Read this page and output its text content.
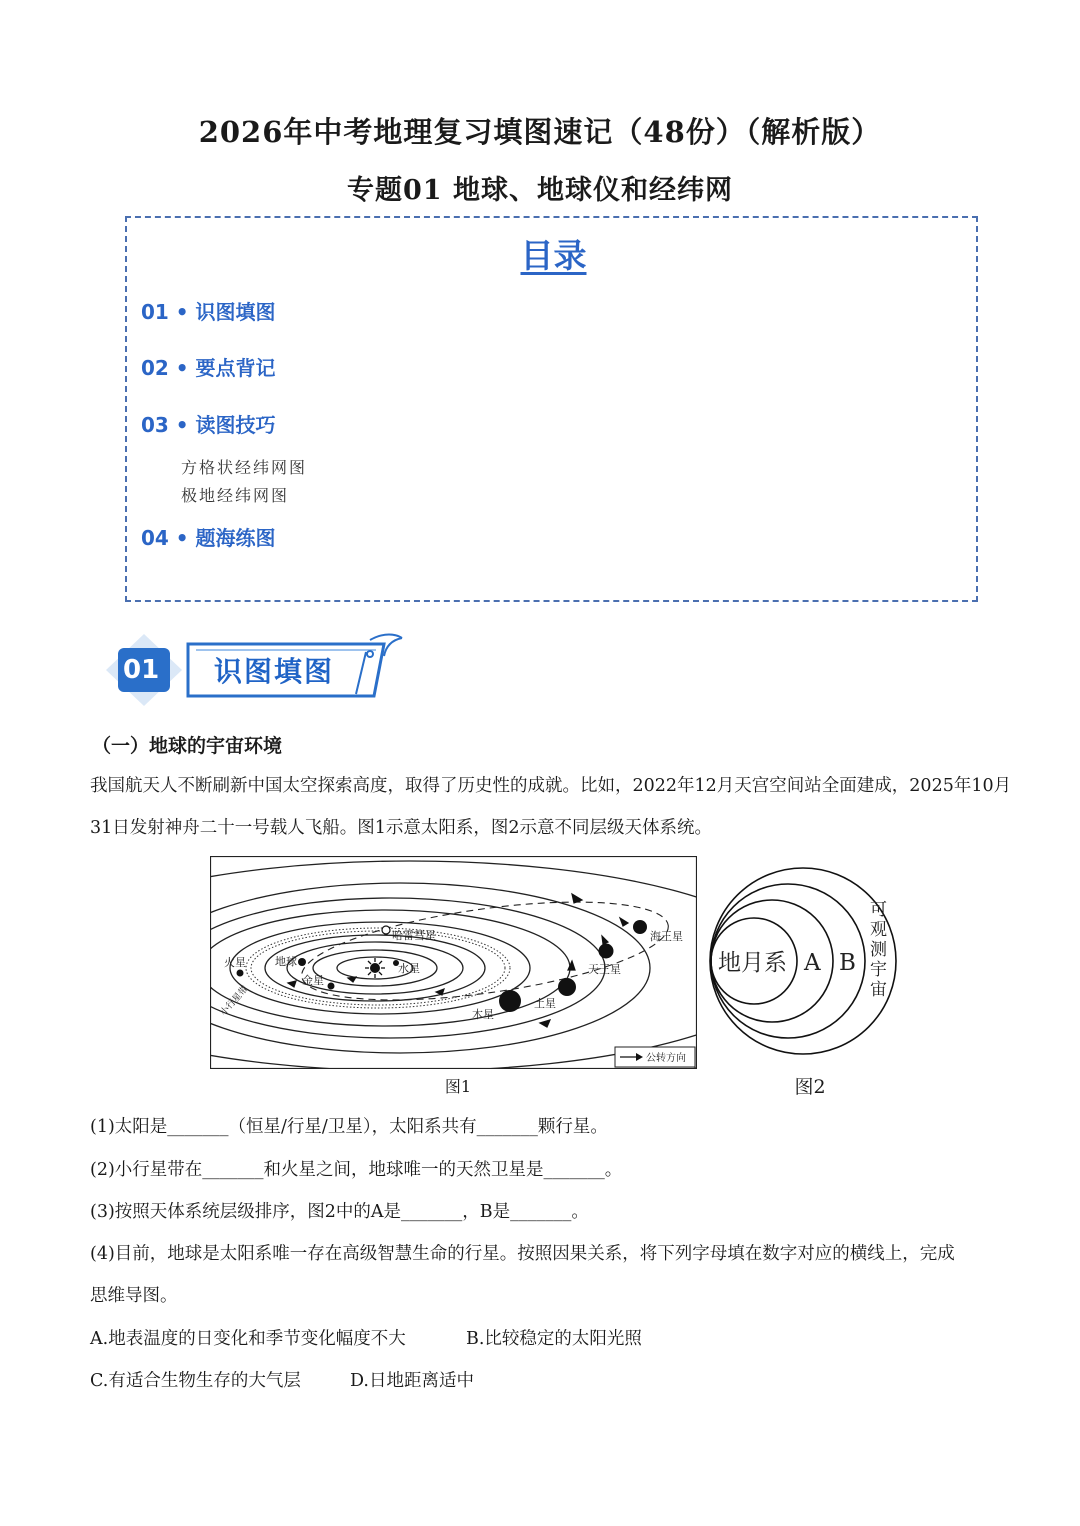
2026年中考地理复习填图速记（48份）（解析版）
专题01 地球、地球仪和经纬网
目录
01 • 识图填图
02 • 要点背记
03 • 读图技巧
方格状经纬网图
极地经纬网图
04 • 题海练图
01 识图填图
（一）地球的宇宙环境
我国航天人不断刷新中国太空探索高度，取得了历史性的成就。比如，2022年12月天宫空间站全面建成，2025年10月31日发射神舟二十一号载人飞船。图1示意太阳系，图2示意不同层级天体系统。
小行星带
哈雷彗星	海王星
天王星
土星
木星
火星	地球
金星
水星
公转方向
图1
地月系 A B 可观测宇宙
图2
(1)太阳是_______（恒星/行星/卫星），太阳系共有_______颗行星。
(2)小行星带在_______和火星之间，地球唯一的天然卫星是_______。
(3)按照天体系统层级排序，图2中的A是_______，B是_______。
(4)目前，地球是太阳系唯一存在高级智慧生命的行星。按照因果关系，将下列字母填在数字对应的横线上，完成
思维导图。
A.地表温度的日变化和季节变化幅度不大	B.比较稳定的太阳光照
C.有适合生物生存的大气层	D.日地距离适中
